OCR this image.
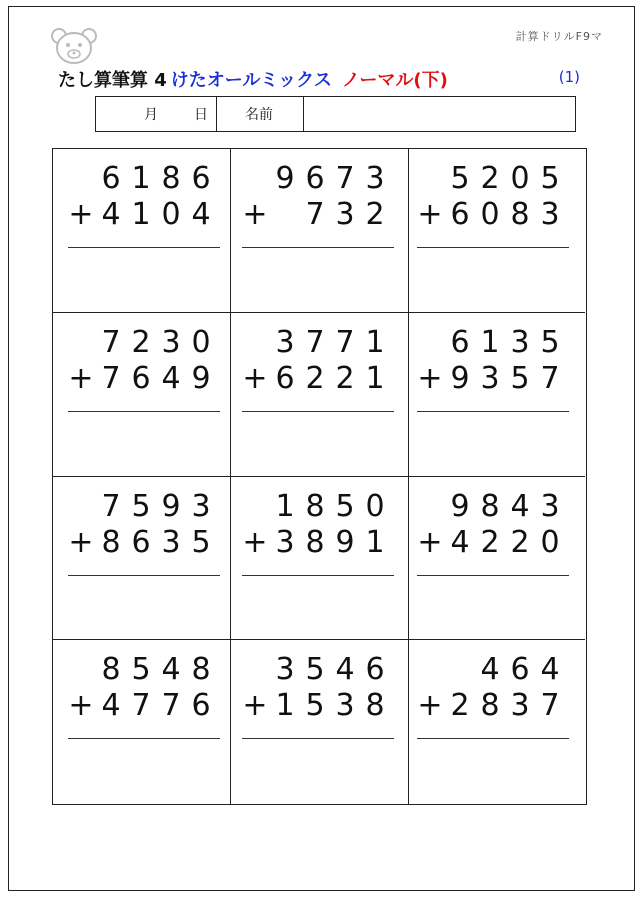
計算ドリルF9マ
たし算筆算 4 けたオールミックス ノーマル(下)	(1)
月	日	名前
6 1 8 6
+ 4 1 0 4
9 6 7 3
+ 7 3 2
5 2 0 5
+ 6 0 8 3
7 2 3 0
+ 7 6 4 9
3 7 7 1
+ 6 2 2 1
6 1 3 5
+ 9 3 5 7
7 5 9 3
+ 8 6 3 5
1 8 5 0
+ 3 8 9 1
9 8 4 3
+ 4 2 2 0
8 5 4 8
+ 4 7 7 6
3 5 4 6
+ 1 5 3 8
4 6 4
+ 2 8 3 7
